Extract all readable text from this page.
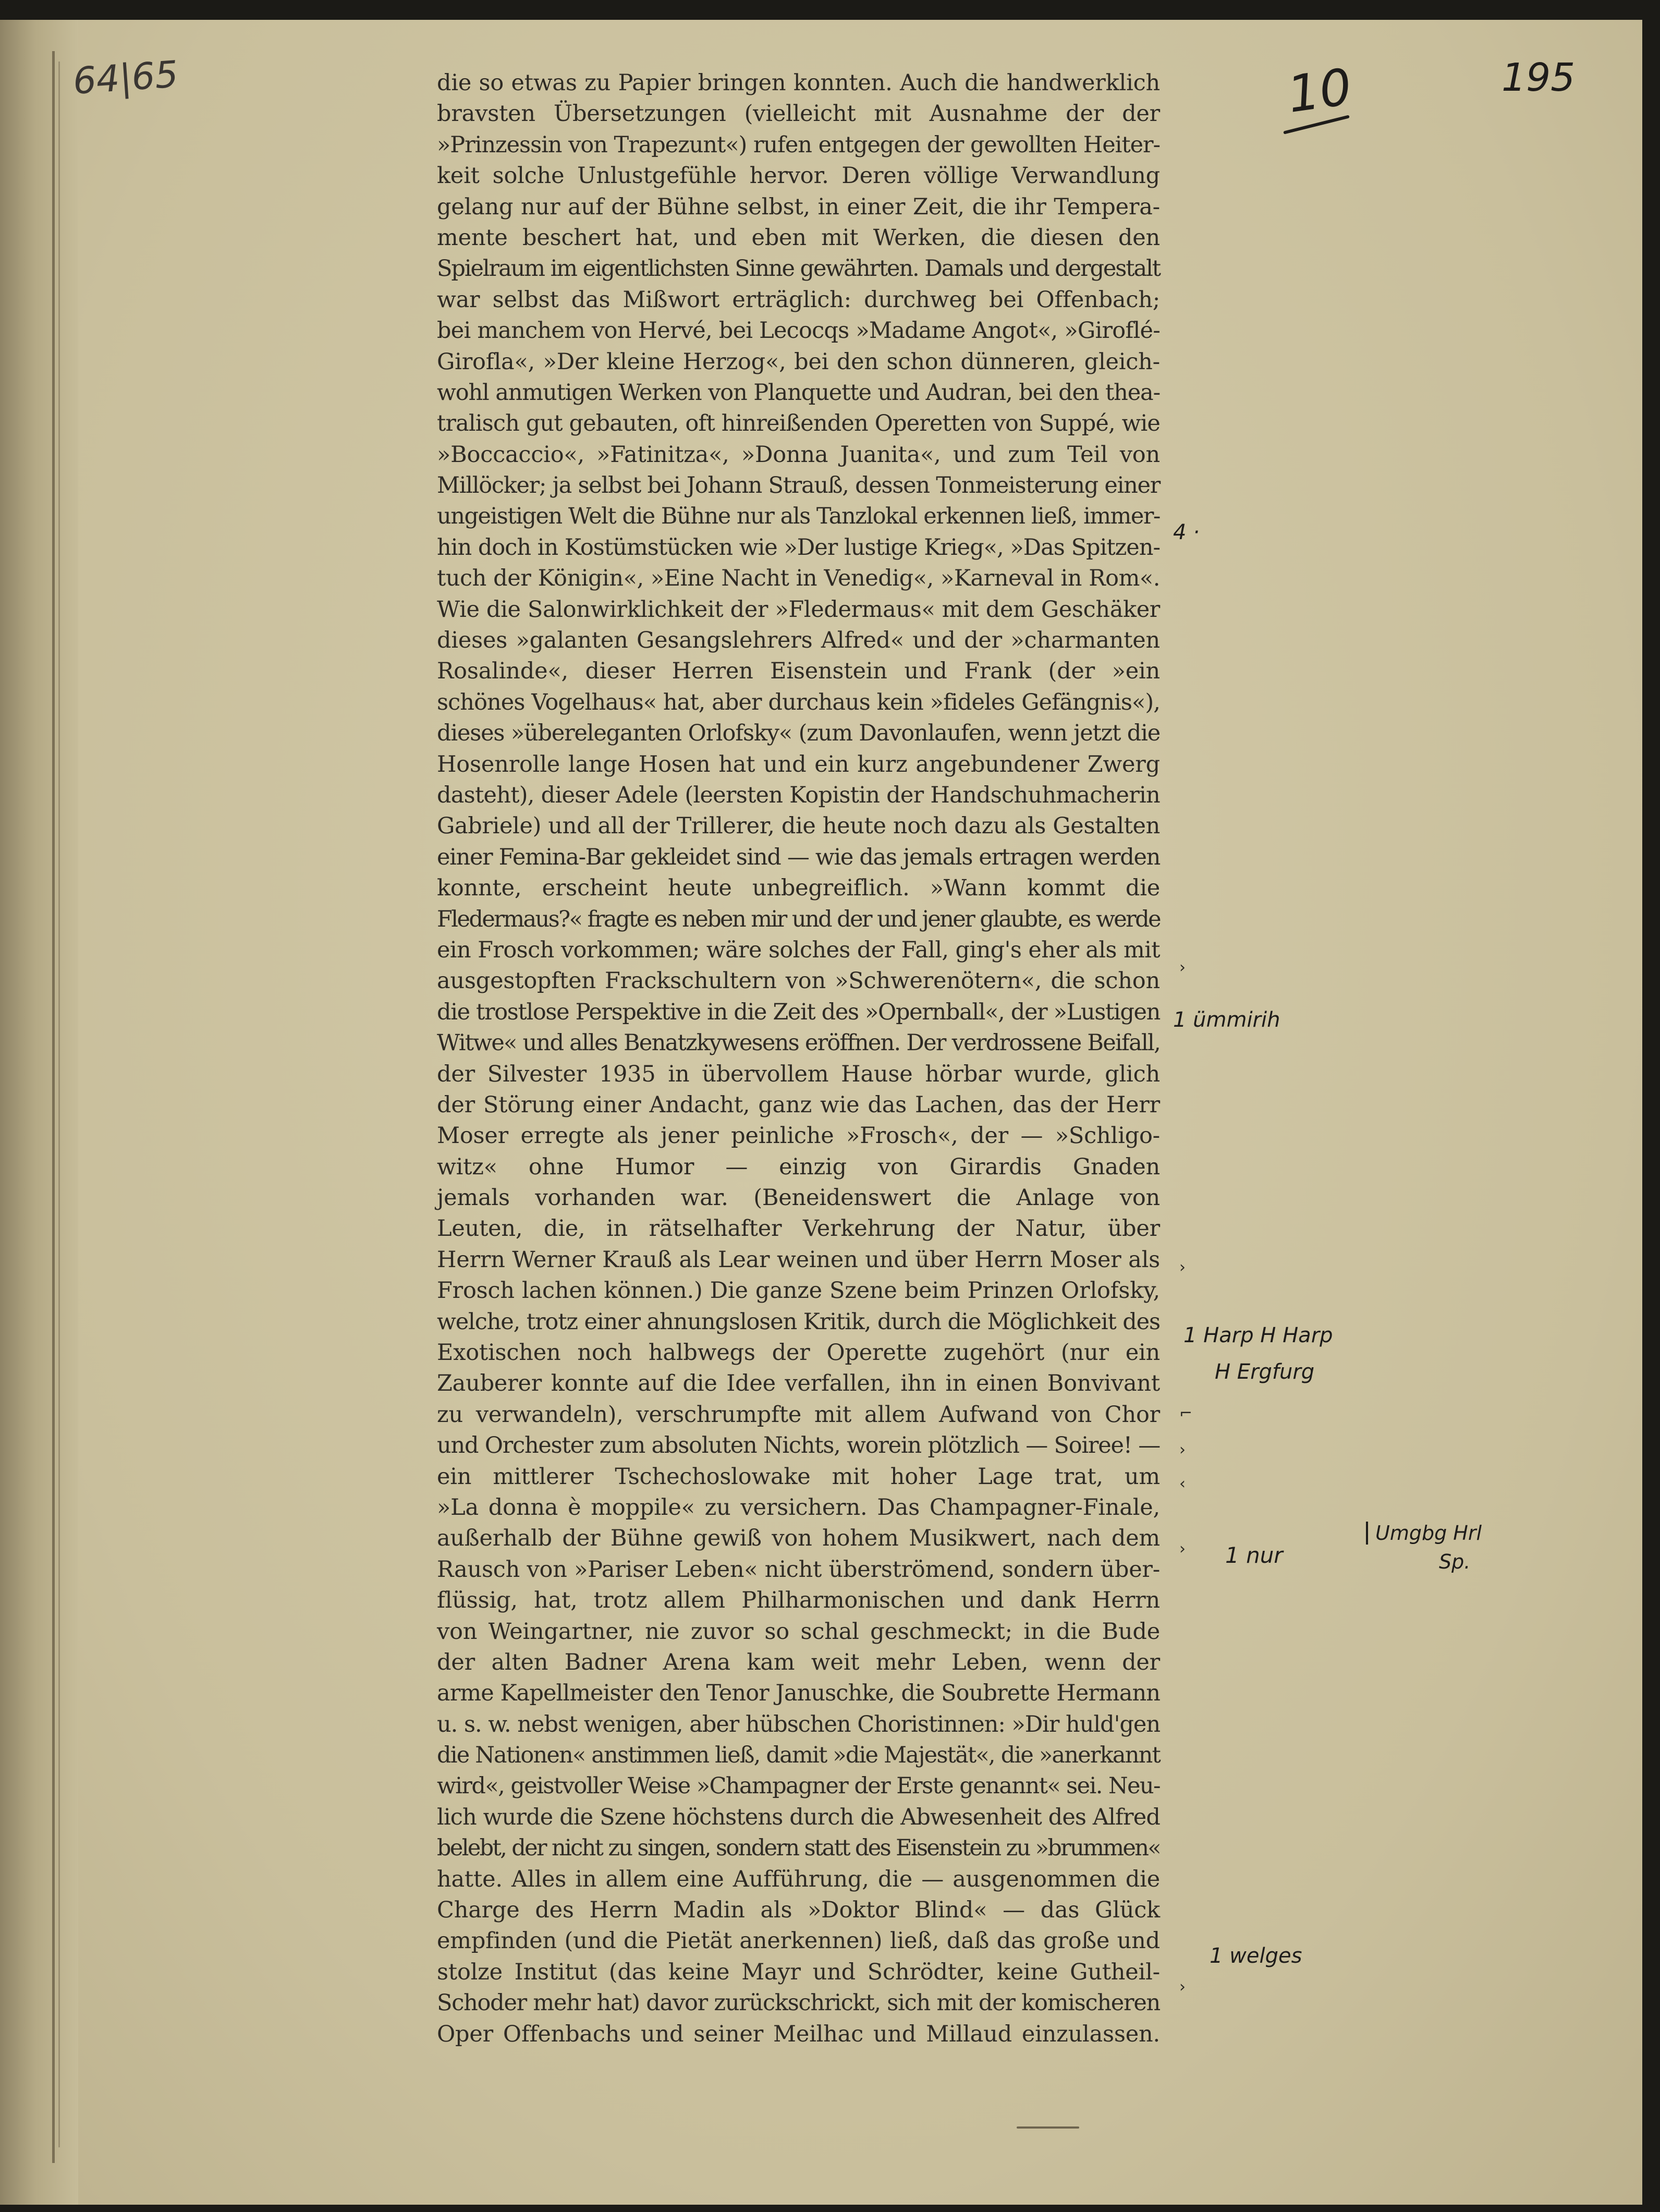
64|65	10	195
die so etwas zu Papier bringen konnten. Auch die handwerklich
bravsten Übersetzungen (vielleicht mit Ausnahme der der
»Prinzessin von Trapezunt«) rufen entgegen der gewollten Heiter-
keit solche Unlustgefühle hervor. Deren völlige Verwandlung
gelang nur auf der Bühne selbst, in einer Zeit, die ihr Tempera-
mente beschert hat, und eben mit Werken, die diesen den
Spielraum im eigentlichsten Sinne gewährten. Damals und dergestalt
war selbst das Mißwort erträglich: durchweg bei Offenbach;
bei manchem von Hervé, bei Lecocqs »Madame Angot«, »Giroflé-
Girofla«, »Der kleine Herzog«, bei den schon dünneren, gleich-
wohl anmutigen Werken von Planquette und Audran, bei den thea-
tralisch gut gebauten, oft hinreißenden Operetten von Suppé, wie
»Boccaccio«, »Fatinitza«, »Donna Juanita«, und zum Teil von
Millöcker; ja selbst bei Johann Strauß, dessen Tonmeisterung einer
ungeistigen Welt die Bühne nur als Tanzlokal erkennen ließ, immer-
hin doch in Kostümstücken wie »Der lustige Krieg«, »Das Spitzen-
tuch der Königin«, »Eine Nacht in Venedig«, »Karneval in Rom«.
Wie die Salonwirklichkeit der »Fledermaus« mit dem Geschäker
dieses »galanten Gesangslehrers Alfred« und der »charmanten
Rosalinde«, dieser Herren Eisenstein und Frank (der »ein
schönes Vogelhaus« hat, aber durchaus kein »fideles Gefängnis«),
dieses »übereleganten Orlofsky« (zum Davonlaufen, wenn jetzt die
Hosenrolle lange Hosen hat und ein kurz angebundener Zwerg
dasteht), dieser Adele (leersten Kopistin der Handschuhmacherin
Gabriele) und all der Trillerer, die heute noch dazu als Gestalten
einer Femina-Bar gekleidet sind — wie das jemals ertragen werden
konnte, erscheint heute unbegreiflich. »Wann kommt die
Fledermaus?« fragte es neben mir und der und jener glaubte, es werde
ein Frosch vorkommen; wäre solches der Fall, ging's eher als mit
ausgestopften Frackschultern von »Schwerenötern«, die schon
die trostlose Perspektive in die Zeit des »Opernball«, der »Lustigen
Witwe« und alles Benatzkywesens eröffnen. Der verdrossene Beifall,
der Silvester 1935 in übervollem Hause hörbar wurde, glich
der Störung einer Andacht, ganz wie das Lachen, das der Herr
Moser erregte als jener peinliche »Frosch«, der — »Schligo-
witz« ohne Humor — einzig von Girardis Gnaden
jemals vorhanden war. (Beneidenswert die Anlage von
Leuten, die, in rätselhafter Verkehrung der Natur, über
Herrn Werner Krauß als Lear weinen und über Herrn Moser als
Frosch lachen können.) Die ganze Szene beim Prinzen Orlofsky,
welche, trotz einer ahnungslosen Kritik, durch die Möglichkeit des
Exotischen noch halbwegs der Operette zugehört (nur ein
Zauberer konnte auf die Idee verfallen, ihn in einen Bonvivant
zu verwandeln), verschrumpfte mit allem Aufwand von Chor
und Orchester zum absoluten Nichts, worein plötzlich — Soiree! —
ein mittlerer Tschechoslowake mit hoher Lage trat, um
»La donna è moppile« zu versichern. Das Champagner-Finale,
außerhalb der Bühne gewiß von hohem Musikwert, nach dem
Rausch von »Pariser Leben« nicht überströmend, sondern über-
flüssig, hat, trotz allem Philharmonischen und dank Herrn
von Weingartner, nie zuvor so schal geschmeckt; in die Bude
der alten Badner Arena kam weit mehr Leben, wenn der
arme Kapellmeister den Tenor Januschke, die Soubrette Hermann
u. s. w. nebst wenigen, aber hübschen Choristinnen: »Dir huld'gen
die Nationen« anstimmen ließ, damit »die Majestät«, die »anerkannt
wird«, geistvoller Weise »Champagner der Erste genannt« sei. Neu-
lich wurde die Szene höchstens durch die Abwesenheit des Alfred
belebt, der nicht zu singen, sondern statt des Eisenstein zu »brummen«
hatte. Alles in allem eine Aufführung, die — ausgenommen die
Charge des Herrn Madin als »Doktor Blind« — das Glück
empfinden (und die Pietät anerkennen) ließ, daß das große und
stolze Institut (das keine Mayr und Schrödter, keine Gutheil-
Schoder mehr hat) davor zurückschrickt, sich mit der komischeren
Oper Offenbachs und seiner Meilhac und Millaud einzulassen.
›
›
⌐
›
‹
›
›
4 ·
1 ümmirih
1 Harp H Harp
H Ergfurg
1 nur
Umgbg Hrl
Sp.
1 welges
